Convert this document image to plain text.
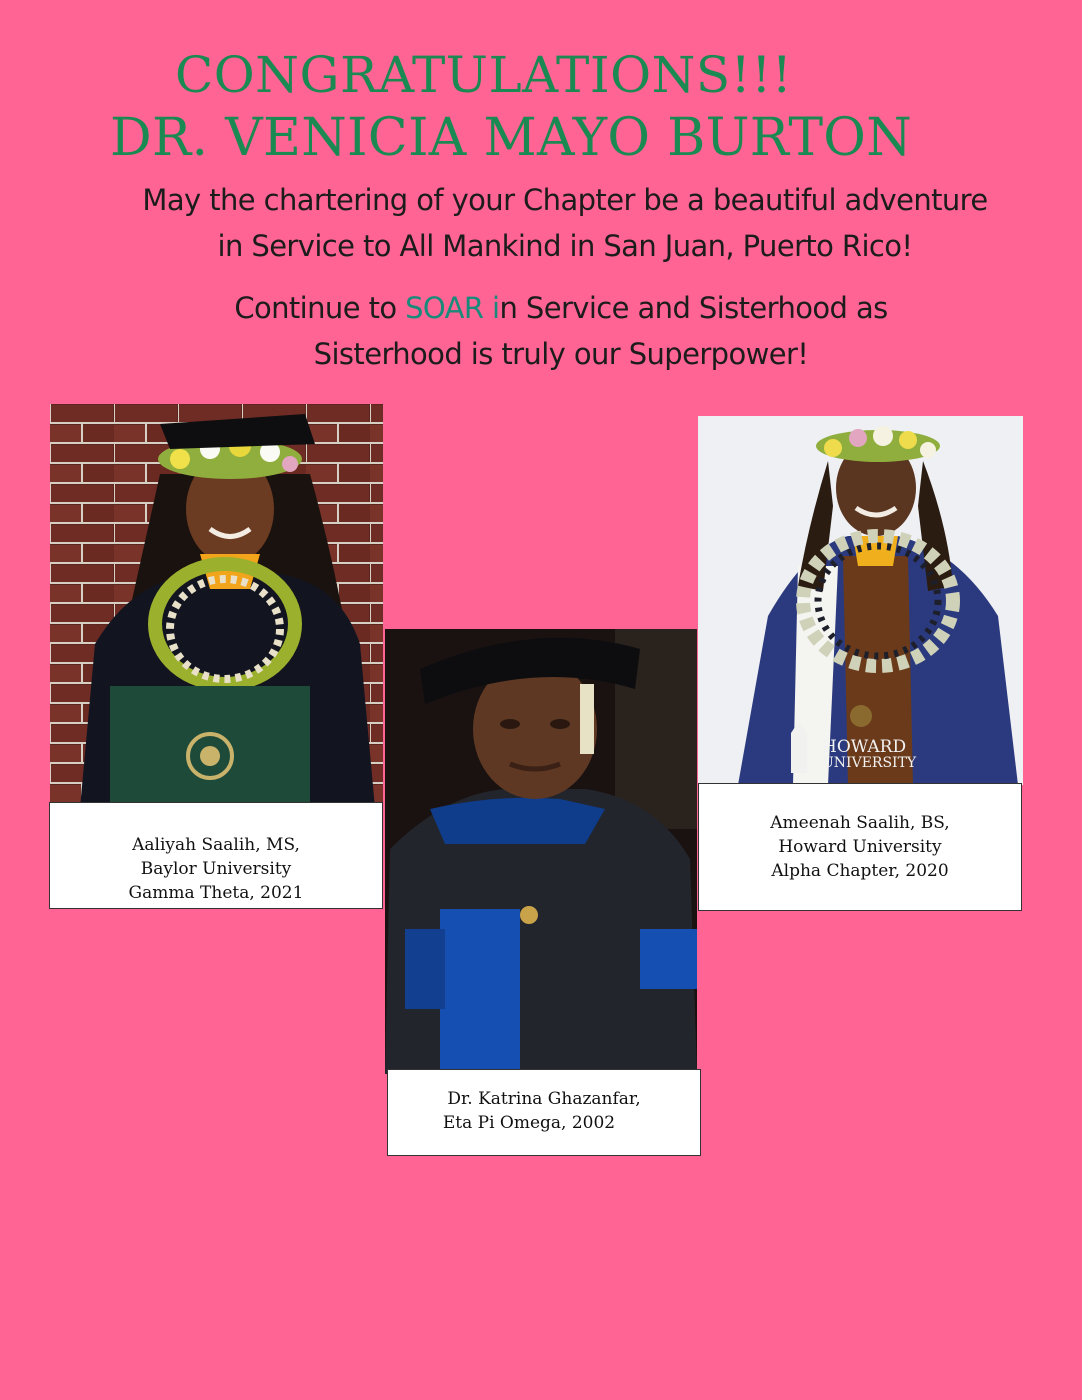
CONGRATULATIONS!!!
DR. VENICIA MAYO BURTON
May the chartering of your Chapter be a beautiful adventure
in Service to All Mankind in San Juan, Puerto Rico!
Continue to SOAR in Service and Sisterhood as
Sisterhood is truly our Superpower!
Aaliyah Saalih, MS,
Baylor University
Gamma Theta, 2021
Dr. Katrina Ghazanfar,
Eta Pi Omega, 2002
HOWARD
UNIVERSITY
Ameenah Saalih, BS,
Howard University
Alpha Chapter, 2020
